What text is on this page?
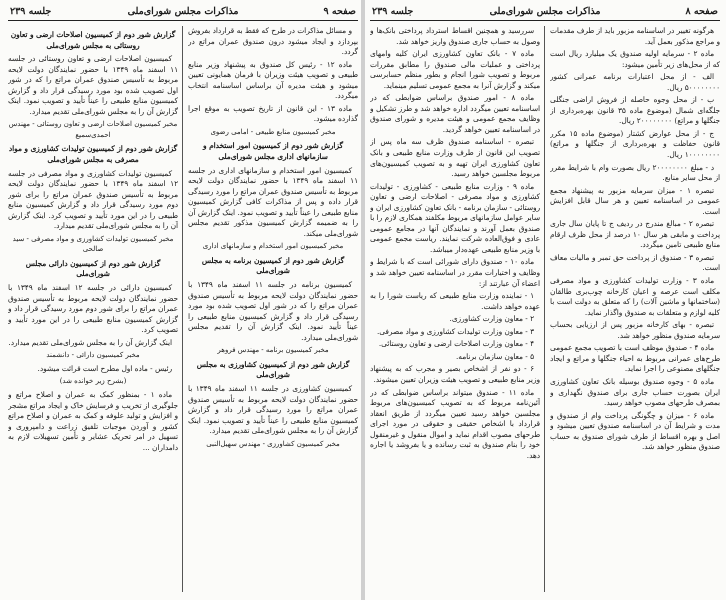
صفحه ۹
مذاکرات مجلس شورای‌ملی
جلسه ۲۳۹

و مسائل مذاکرات در طرح که فقط به قرارداد بفروش بپردازد و ایجاد میشود درون صندوق عمران مراتع در گردد.

ماده ۱۲ - رئیس کل صندوق به پیشنهاد وزیر منابع طبیعی و تصویب هیئت وزیران با فرمان همایونی تعیین میشود و هیئت مدیره آن براساس اساسنامه انتخاب میگردد.

ماده ۱۳ - این قانون از تاریخ تصویب به موقع اجرا گذارده میشود.

مخبر کمیسیون منابع طبیعی - امامی رضوی

گزارش شور دوم از کمیسیون امور استخدام و سازمانهای اداری مجلس شورای‌ملی

کمیسیون امور استخدام و سازمانهای اداری در جلسه ۱۱ اسفند ماه ۱۳۴۹ با حضور نمایندگان دولت لایحه مربوط به تأسیس صندوق عمران مراتع را مورد رسیدگی قرار داده و پس از مذاکرات کافی گزارش کمیسیون منابع طبیعی را عیناً تأیید و تصویب نمود. اینک گزارش آن را به ضمیمه گزارش کمیسیون مذکور تقدیم مجلس شورای‌ملی میکند.

مخبر کمیسیون امور استخدام و سازمانهای اداری

گزارش شور دوم از کمیسیون برنامه به مجلس شورای‌ملی

کمیسیون برنامه در جلسه ۱۱ اسفند ماه ۱۳۴۹ با حضور نمایندگان دولت لایحه مربوط به تأسیس صندوق عمران مراتع را که در شور اول تصویب شده بود مورد رسیدگی قرار داد و گزارش کمیسیون منابع طبیعی را عیناً تأیید نمود. اینک گزارش آن را تقدیم مجلس شورای‌ملی میدارد.

مخبر کمیسیون برنامه - مهندس فروهر

گزارش شور دوم از کمیسیون کشاورزی به مجلس شورای‌ملی

کمیسیون کشاورزی در جلسه ۱۱ اسفند ماه ۱۳۴۹ با حضور نمایندگان دولت لایحه مربوط به تأسیس صندوق عمران مراتع را مورد رسیدگی قرار داد و گزارش کمیسیون منابع طبیعی را عیناً تأیید و تصویب نمود. اینک گزارش آن را به مجلس شورای‌ملی تقدیم میدارد.

مخبر کمیسیون کشاورزی - مهندس سهیل‌النبی

گزارش شور دوم از کمیسیون اصلاحات ارضی و تعاون روستائی به مجلس شورای‌ملی

کمیسیون اصلاحات ارضی و تعاون روستائی در جلسه ۱۱ اسفند ماه ۱۳۴۹ با حضور نمایندگان دولت لایحه مربوط به تأسیس صندوق عمران مراتع را که در شور اول تصویب شده بود مورد رسیدگی قرار داد و گزارش کمیسیون منابع طبیعی را عیناً تأیید و تصویب نمود. اینک گزارش آن را به مجلس شورای‌ملی تقدیم میدارد.

مخبر کمیسیون اصلاحات ارضی و تعاون روستائی - مهندس احمدی‌سمیع

گزارش شور دوم از کمیسیون تولیدات کشاورزی و مواد مصرفی به مجلس شورای‌ملی

کمیسیون تولیدات کشاورزی و مواد مصرفی در جلسه ۱۲ اسفند ماه ۱۳۴۹ با حضور نمایندگان دولت لایحه مربوط به تأسیس صندوق عمران مراتع را برای شور دوم مورد رسیدگی قرار داد و گزارش کمیسیون منابع طبیعی را در این مورد تأیید و تصویب کرد. اینک گزارش آن را به مجلس شورای‌ملی تقدیم میدارد.

مخبر کمیسیون تولیدات کشاورزی و مواد مصرفی - سید صالحی

گزارش شور دوم از کمیسیون دارائی مجلس شورای‌ملی

کمیسیون دارائی در جلسه ۱۲ اسفند ماه ۱۳۴۹ با حضور نمایندگان دولت لایحه مربوط به تأسیس صندوق عمران مراتع را برای شور دوم مورد رسیدگی قرار داد و گزارش کمیسیون منابع طبیعی را در این مورد تأیید و تصویب کرد.

اینک گزارش آن را به مجلس شورای‌ملی تقدیم میدارد.

مخبر کمیسیون دارائی - دانشمند

رئیس - ماده اول مطرح است قرائت میشود.

(بشرح زیر خوانده شد)

ماده ۱ - بمنظور کمک به عمران و اصلاح مراتع و جلوگیری از تخریب و فرسایش خاک و ایجاد مراتع مشجر و افزایش و تولید علوفه و کمک به عمران و اصلاح مراتع کشور و آوردن موجبات تلفیق زراعت و دامپروری و تسهیل در امر تحریک عشایر و تأمین تسهیلات لازم به دامداران ...

صفحه ۸
مذاکرات مجلس شورای‌ملی
جلسه ۲۳۹

هرگونه تغییر در اساسنامه مزبور باید از طرف مقدمات و مراجع مذکور بعمل آید.

ماده ۲ - سرمایه اولیه صندوق یک میلیارد ریال است که از محل‌های زیر تأمین میشود:

الف - از محل اعتبارات برنامه عمرانی کشور ۵۰۰۰۰۰۰۰۰ ریال.

ب - از محل وجوه حاصله از فروش اراضی جنگلی جلگه‌ای شمال (موضوع ماده ۳۵ قانون بهره‌برداری از جنگلها و مراتع) ۲۰۰۰۰۰۰۰۰ ریال.

ج - از محل عوارض کشتار (موضوع ماده ۱۵ مکرر قانون حفاظت و بهره‌برداری از جنگلها و مراتع) ۱۰۰۰۰۰۰۰۰ ریال.

د - مبلغ ۲۰۰۰۰۰۰۰۰ ریال بصورت وام با شرایط مقرر از محل سایر منابع.

تبصره ۱ - میزان سرمایه مزبور به پیشنهاد مجمع عمومی در اساسنامه تعیین و هر سال قابل افزایش است.

تبصره ۲ - مبالغ مندرج در ردیف ج تا پایان سال جاری پرداخت و مابقی هر سال ۱۰ درصد از محل ظرف ارقام منابع طبیعی تامین میگردد.

تبصره ۳ - صندوق از پرداخت حق تمبر و مالیات معاف است.

ماده ۳ - وزارت تولیدات کشاورزی و مواد مصرفی مکلف است عرصه و اعیان کارخانه چوب‌بری طالقان (ساختمانها و ماشین آلات) را که متعلق به دولت است با کلیه لوازم و متعلقات به صندوق واگذار نماید.

تبصره - بهای کارخانه مزبور پس از ارزیابی بحساب سرمایه صندوق منظور خواهد شد.

ماده ۴ - صندوق موظف است با تصویب مجمع عمومی طرح‌های عمرانی مربوط به احیاء جنگلها و مراتع و ایجاد جنگلهای مصنوعی را اجرا نماید.

ماده ۵ - وجوه صندوق بوسیله بانک تعاون کشاورزی ایران بصورت حساب جاری برای صندوق نگهداری و بمصرف طرحهای مصوب خواهد رسید.

ماده ۶ - میزان و چگونگی پرداخت وام از صندوق و مدت و شرایط آن در اساسنامه صندوق تعیین میشود و اصل و بهره اقساط از طرف شورای صندوق به حساب صندوق منظور خواهد شد.

سررسید و همچنین اقساط استرداد پرداختی بانک‌ها و وصول به حساب جاری صندوق واریز خواهد شد.

ماده ۷ - بانک تعاون کشاورزی ایران کلیه وامهای پرداختی و عملیات مالی صندوق را مطابق مقررات مربوط و تصویب شورا انجام و بطور منظم حسابرسی میکند و گزارش آنرا به مجمع عمومی تسلیم مینماید.

ماده ۸ - امور صندوق براساس ضوابطی که در اساسنامه تعیین میگردد اداره خواهد شد و طرز تشکیل و وظایف مجمع عمومی و هیئت مدیره و شورای صندوق در اساسنامه تعیین خواهد گردید.

تبصره - اساسنامه صندوق ظرف سه ماه پس از تصویب این قانون از طرف وزارت منابع طبیعی و بانک تعاون کشاورزی ایران تهیه و به تصویب کمیسیون‌های مربوط مجلسین خواهد رسید.

ماده ۹ - وزارت منابع طبیعی - کشاورزی - تولیدات کشاورزی و مواد مصرفی - اصلاحات ارضی و تعاون روستائی - سازمان برنامه - بانک تعاون کشاورزی ایران و سایر عوامل سازمانهای مربوط مکلفند همکاری لازم را با صندوق بعمل آورند و نمایندگان آنها در مجامع عمومی عادی و فوق‌العاده شرکت نمایند. ریاست مجمع عمومی با وزیر منابع طبیعی عهده‌دار میباشد.

ماده ۱۰ - صندوق دارای شورائی است که با شرایط و وظایف و اختیارات مقرر در اساسنامه تعیین خواهد شد و اعضاء آن عبارتند از:

۱ - نماینده وزارت منابع طبیعی که ریاست شورا را به عهده خواهد داشت.

۲ - معاون وزارت کشاورزی.

۳ - معاون وزارت تولیدات کشاورزی و مواد مصرفی.

۴ - معاون وزارت اصلاحات ارضی و تعاون روستائی.

۵ - معاون سازمان برنامه.

۶ - دو نفر از اشخاص بصیر و مجرب که به پیشنهاد وزیر منابع طبیعی و تصویب هیئت وزیران تعیین میشوند.

ماده ۱۱ - صندوق میتواند براساس ضوابطی که در آئین‌نامه مربوط که به تصویب کمیسیون‌های مربوط مجلسین خواهد رسید تعیین میگردد از طریق انعقاد قرارداد با اشخاص حقیقی و حقوقی در مورد اجرای طرحهای مصوب اقدام نماید و اموال منقول و غیرمنقول خود را بنام صندوق به ثبت رسانده و یا بفروشد یا اجاره دهد.
